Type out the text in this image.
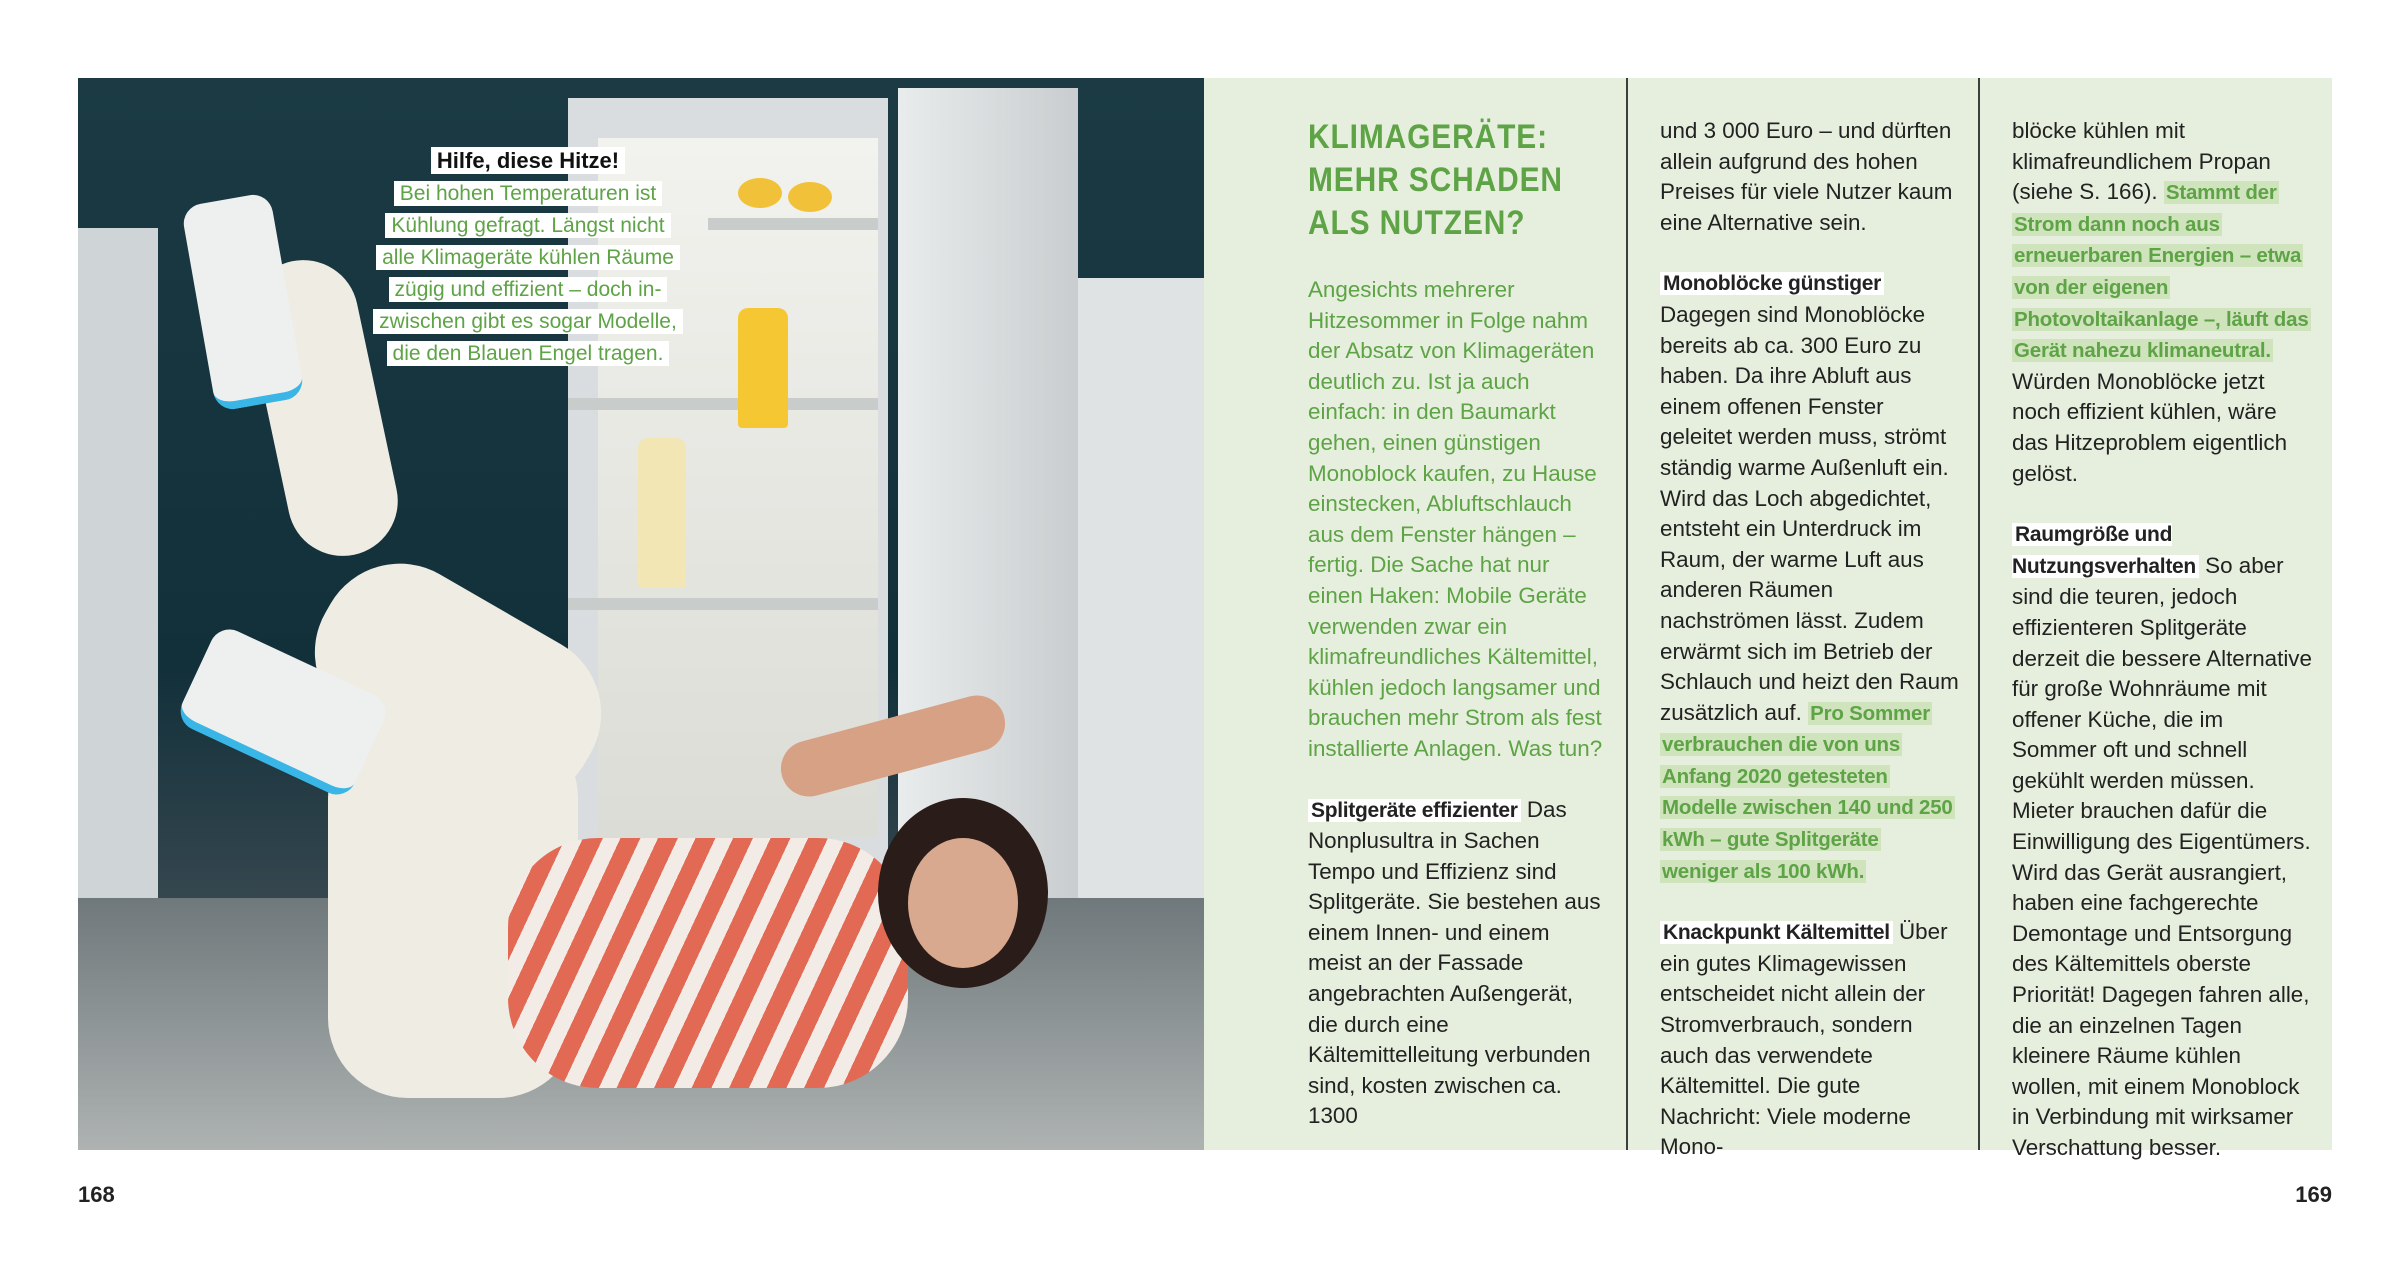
Hilfe, diese Hitze!
Bei hohen Temperaturen ist
Kühlung gefragt. Längst nicht
alle Klimageräte kühlen Räume
zügig und effizient – doch in-
zwischen gibt es sogar Modelle,
die den Blauen Engel tragen.
KLIMAGERÄTE:
MEHR SCHADEN
ALS NUTZEN?

Angesichts mehrerer Hitzesommer in Folge nahm der Absatz von Klimageräten deutlich zu. Ist ja auch einfach: in den Baumarkt gehen, einen günstigen Monoblock kaufen, zu Hause einstecken, Abluftschlauch aus dem Fenster hängen – fertig. Die Sache hat nur einen Haken: Mobile Geräte verwenden zwar ein klimafreundliches Kältemittel, kühlen jedoch langsamer und brauchen mehr Strom als fest installierte Anlagen. Was tun?

Splitgeräte effizienter Das Nonplusultra in Sachen Tempo und Effizienz sind Splitgeräte. Sie bestehen aus einem Innen- und einem meist an der Fassade angebrachten Außengerät, die durch eine Kältemittelleitung verbunden sind, kosten zwischen ca. 1300

und 3 000 Euro – und dürften allein aufgrund des hohen Preises für viele Nutzer kaum eine Alternative sein.

Monoblöcke günstiger Dagegen sind Monoblöcke bereits ab ca. 300 Euro zu haben. Da ihre Abluft aus einem offenen Fenster geleitet werden muss, strömt ständig warme Außenluft ein. Wird das Loch abgedichtet, entsteht ein Unterdruck im Raum, der warme Luft aus anderen Räumen nachströmen lässt. Zudem erwärmt sich im Betrieb der Schlauch und heizt den Raum zusätzlich auf. Pro Sommer verbrauchen die von uns Anfang 2020 getesteten Modelle zwischen 140 und 250 kWh – gute Splitgeräte weniger als 100 kWh.

Knackpunkt Kältemittel Über ein gutes Klimagewissen entscheidet nicht allein der Stromverbrauch, sondern auch das verwendete Kältemittel. Die gute Nachricht: Viele moderne Mono-

blöcke kühlen mit klimafreundlichem Propan (siehe S. 166). Stammt der Strom dann noch aus erneuerbaren Energien – etwa von der eigenen Photovoltaikanlage –, läuft das Gerät nahezu klimaneutral. Würden Monoblöcke jetzt noch effizient kühlen, wäre das Hitzeproblem eigentlich gelöst.

Raumgröße und Nutzungsverhalten So aber sind die teuren, jedoch effizienteren Splitgeräte derzeit die bessere Alternative für große Wohnräume mit offener Küche, die im Sommer oft und schnell gekühlt werden müssen. Mieter brauchen dafür die Einwilligung des Eigentümers. Wird das Gerät ausrangiert, haben eine fachgerechte Demontage und Entsorgung des Kältemittels oberste Priorität! Dagegen fahren alle, die an einzelnen Tagen kleinere Räume kühlen wollen, mit einem Monoblock in Verbindung mit wirksamer Verschattung besser.

168	169
